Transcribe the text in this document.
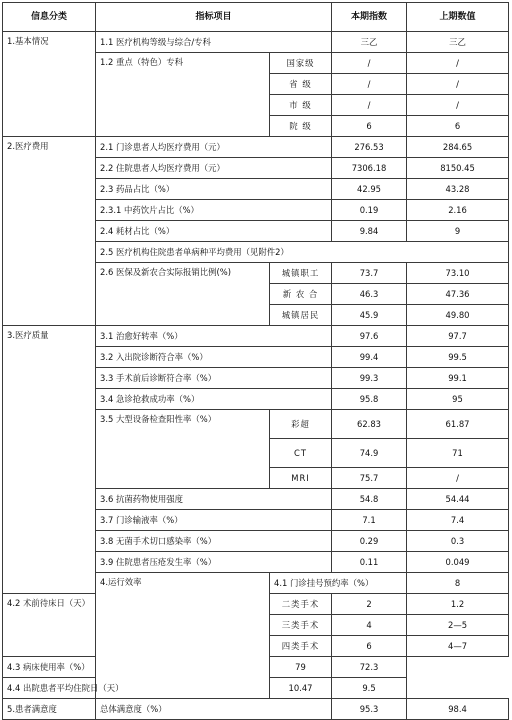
信息分类	指标项目		本期指数	上期数值	
1.基本情况	1.1 医疗机构等级与综合/专科		三乙	三乙	
	1.2 重点（特色）专科	国家级	/	/	
		省 级	/	/	
		市 级	/	/	
		院 级	6	6	
2.医疗费用	2.1 门诊患者人均医疗费用（元）		276.53	284.65	
	2.2 住院患者人均医疗费用（元）		7306.18	8150.45	
	2.3 药品占比（%）		42.95	43.28	
	2.3.1 中药饮片占比（%）		0.19	2.16	
	2.4 耗材占比（%）		9.84	9	
	2.5 医疗机构住院患者单病种平均费用（见附件2）				
	2.6 医保及新农合实际报销比例(%)	城镇职工	73.7	73.10	
		新 农 合	46.3	47.36	
		城镇居民	45.9	49.80	
3.医疗质量	3.1 治愈好转率（%）		97.6	97.7	
	3.2 入出院诊断符合率（%）		99.4	99.5	
	3.3 手术前后诊断符合率（%）		99.3	99.1	
	3.4 急诊抢救成功率（%）		95.8	95	
	3.5 大型设备检查阳性率（%）	彩超	62.83	61.87	
		CT	74.9	71	
		MRI	75.7	/	
	3.6 抗菌药物使用强度		54.8	54.44	
	3.7 门诊输液率（%）		7.1	7.4	
	3.8 无菌手术切口感染率（%）		0.29	0.3	
	3.9 住院患者压疮发生率（%）		0.11	0.049	
	4.运行效率	4.1 门诊挂号预约率（%）		8	
4.2 术前待床日（天）		二类手术	2	1.2	
		三类手术	4	2—5	
		四类手术	6	4—7	
4.3 病床使用率（%）		79	72.3		
4.4 出院患者平均住院日（天）		10.47	9.5		
5.患者满意度	总体满意度（%）		95.3	98.4	
